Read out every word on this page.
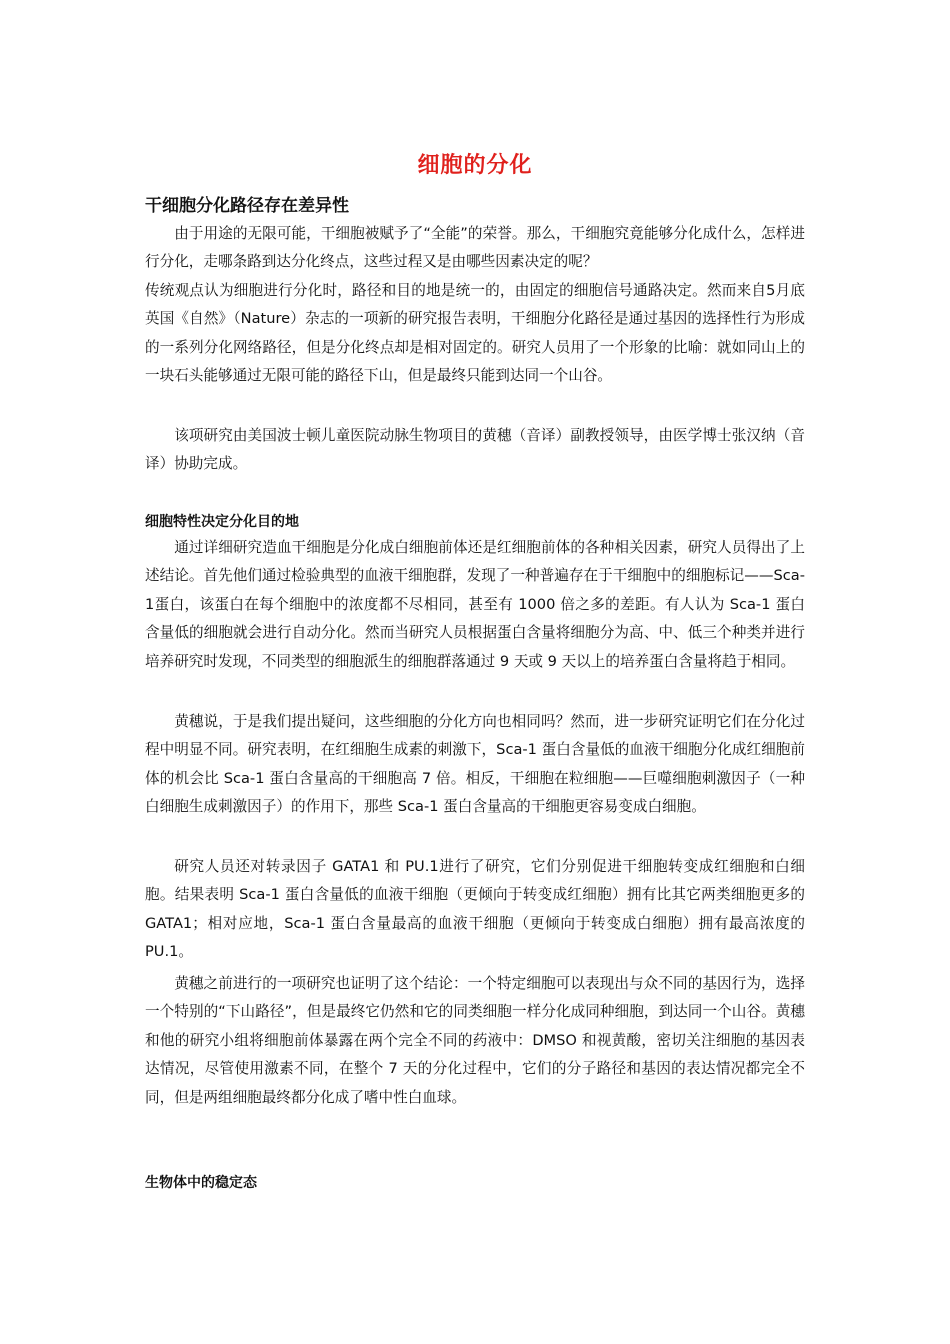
细胞的分化
干细胞分化路径存在差异性
由于用途的无限可能，干细胞被赋予了“全能”的荣誉。那么，干细胞究竟能够分化成什么，怎样进行分化，走哪条路到达分化终点，这些过程又是由哪些因素决定的呢？
传统观点认为细胞进行分化时，路径和目的地是统一的，由固定的细胞信号通路决定。然而来自5月底英国《自然》（Nature）杂志的一项新的研究报告表明，干细胞分化路径是通过基因的选择性行为形成的一系列分化网络路径，但是分化终点却是相对固定的。研究人员用了一个形象的比喻：就如同山上的一块石头能够通过无限可能的路径下山，但是最终只能到达同一个山谷。
该项研究由美国波士顿儿童医院动脉生物项目的黄穗（音译）副教授领导，由医学博士张汉纳（音译）协助完成。
细胞特性决定分化目的地
通过详细研究造血干细胞是分化成白细胞前体还是红细胞前体的各种相关因素，研究人员得出了上述结论。首先他们通过检验典型的血液干细胞群，发现了一种普遍存在于干细胞中的细胞标记——Sca-1蛋白，该蛋白在每个细胞中的浓度都不尽相同，甚至有 1000 倍之多的差距。有人认为 Sca-1 蛋白含量低的细胞就会进行自动分化。然而当研究人员根据蛋白含量将细胞分为高、中、低三个种类并进行培养研究时发现，不同类型的细胞派生的细胞群落通过 9 天或 9 天以上的培养蛋白含量将趋于相同。
黄穗说，于是我们提出疑问，这些细胞的分化方向也相同吗？然而，进一步研究证明它们在分化过程中明显不同。研究表明，在红细胞生成素的刺激下，Sca-1 蛋白含量低的血液干细胞分化成红细胞前体的机会比 Sca-1 蛋白含量高的干细胞高 7 倍。相反，干细胞在粒细胞——巨噬细胞刺激因子（一种白细胞生成刺激因子）的作用下，那些 Sca-1 蛋白含量高的干细胞更容易变成白细胞。
研究人员还对转录因子 GATA1 和 PU.1进行了研究，它们分别促进干细胞转变成红细胞和白细胞。结果表明 Sca-1 蛋白含量低的血液干细胞（更倾向于转变成红细胞）拥有比其它两类细胞更多的 GATA1；相对应地，Sca-1 蛋白含量最高的血液干细胞（更倾向于转变成白细胞）拥有最高浓度的 PU.1。
黄穗之前进行的一项研究也证明了这个结论：一个特定细胞可以表现出与众不同的基因行为，选择一个特别的“下山路径”，但是最终它仍然和它的同类细胞一样分化成同种细胞，到达同一个山谷。黄穗和他的研究小组将细胞前体暴露在两个完全不同的药液中：DMSO 和视黄酸，密切关注细胞的基因表达情况，尽管使用激素不同，在整个 7 天的分化过程中，它们的分子路径和基因的表达情况都完全不同，但是两组细胞最终都分化成了嗜中性白血球。
生物体中的稳定态
